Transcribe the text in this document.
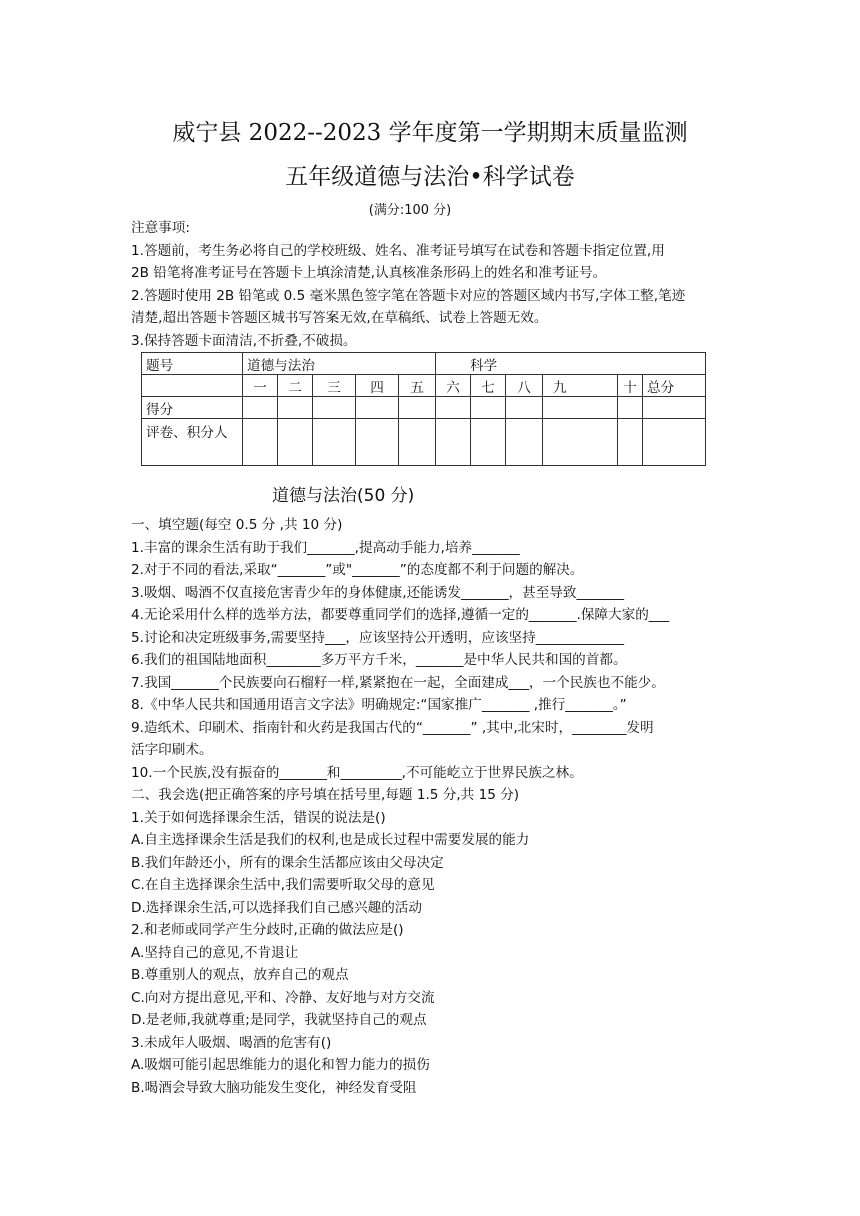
威宁县 2022--2023 学年度第一学期期末质量监测
五年级道德与法治•科学试卷
(满分:100 分)
注意事项:
1.答题前，考生务必将自己的学校班级、姓名、准考证号填写在试卷和答题卡指定位置,用
2B 铅笔将准考证号在答题卡上填涂清楚,认真核准条形码上的姓名和准考证号。
2.答题时使用 2B 铅笔或 0.5 毫米黑色签字笔在答题卡对应的答题区域内书写,字体工整,笔迹
清楚,超出答题卡答题区城书写答案无效,在草稿纸、试卷上答题无效。
3.保持答题卡面清洁,不折叠,不破损。
题号	道德与法治					科学					
	一	二	三	四	五	六	七	八	九	十	总分
得分											
评卷、积分人											
道德与法治(50 分)
一、填空题(每空 0.5 分 ,共 10 分)
1.丰富的课余生活有助于我们_______,提高动手能力,培养_______
2.对于不同的看法,采取“_______”或"_______”的态度都不利于问题的解决。
3.吸烟、喝酒不仅直接危害青少年的身体健康,还能诱发_______，甚至导致_______
4.无论采用什么样的选举方法，都要尊重同学们的选择,遵循一定的_______.保障大家的___
5.讨论和决定班级事务,需要坚持___，应该坚持公开透明，应该坚持_____________
6.我们的祖国陆地面积________多万平方千米，_______是中华人民共和国的首都。
7.我国_______个民族要向石榴籽一样,紧紧抱在一起，全面建成___，一个民族也不能少。
8.《中华人民共和国通用语言文字法》明确规定:“国家推广_______ ,推行_______。”
9.造纸术、印刷术、指南针和火药是我国古代的“_______” ,其中,北宋时，________发明
活字印刷术。
10.一个民族,没有振奋的_______和_________,不可能屹立于世界民族之林。
二、我会选(把正确答案的序号填在括号里,每题 1.5 分,共 15 分)
1.关于如何选择课余生活，错误的说法是()
A.自主选择课余生活是我们的权利,也是成长过程中需要发展的能力
B.我们年龄还小，所有的课余生活都应该由父母决定
C.在自主选择课余生活中,我们需要听取父母的意见
D.选择课余生活,可以选择我们自己感兴趣的活动
2.和老师或同学产生分歧时,正确的做法应是()
A.坚持自己的意见,不肯退让
B.尊重别人的观点，放弃自己的观点
C.向对方提出意见,平和、冷静、友好地与对方交流
D.是老师,我就尊重;是同学，我就坚持自己的观点
3.未成年人吸烟、喝酒的危害有()
A.吸烟可能引起思维能力的退化和智力能力的损伤
B.喝酒会导致大脑功能发生变化，神经发育受阻
